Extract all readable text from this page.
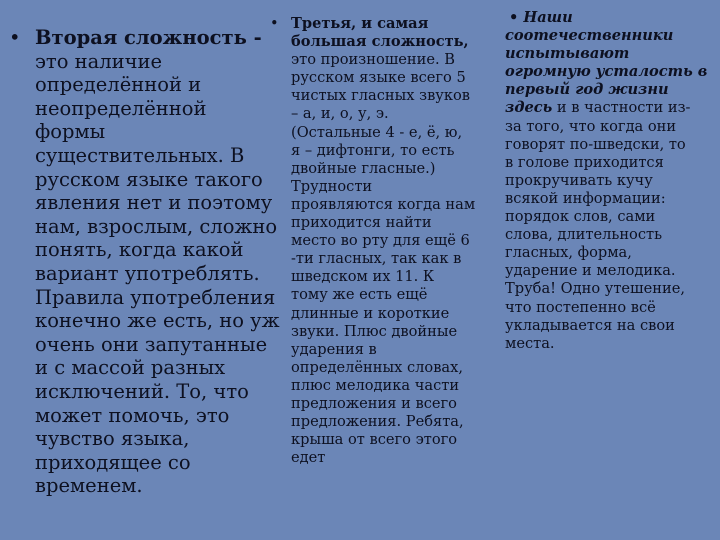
• Вторая сложность -
это наличие
определённой и
неопределённой
формы
существительных. В
русском языке такого
явления нет и поэтому
нам, взрослым, сложно
понять, когда какой
вариант употреблять.
Правила употребления
конечно же есть, но уж
очень они запутанные
и с массой разных
исключений. То, что
может помочь, это
чувство языка,
приходящее со
временем.
• Третья, и самая
большая сложность,
это произношение. В
русском языке всего 5
чистых гласных звуков
– а, и, о, у, э.
(Остальные 4 - е, ё, ю,
я – дифтонги, то есть
двойные гласные.)
Трудности
проявляются когда нам
приходится найти
место во рту для ещё 6
-ти гласных, так как в
шведском их 11. К
тому же есть ещё
длинные и короткие
звуки. Плюс двойные
ударения в
определённых словах,
плюс мелодика части
предложения и всего
предложения. Ребята,
крыша от всего этого
едет
• Наши
соотечественники
испытывают
огромную усталость в
первый год жизни
здесь и в частности из-
за того, что когда они
говорят по-шведски, то
в голове приходится
прокручивать кучу
всякой информации:
порядок слов, сами
слова, длительность
гласных, форма,
ударение и мелодика.
Труба! Одно утешение,
что постепенно всё
укладывается на свои
места.
